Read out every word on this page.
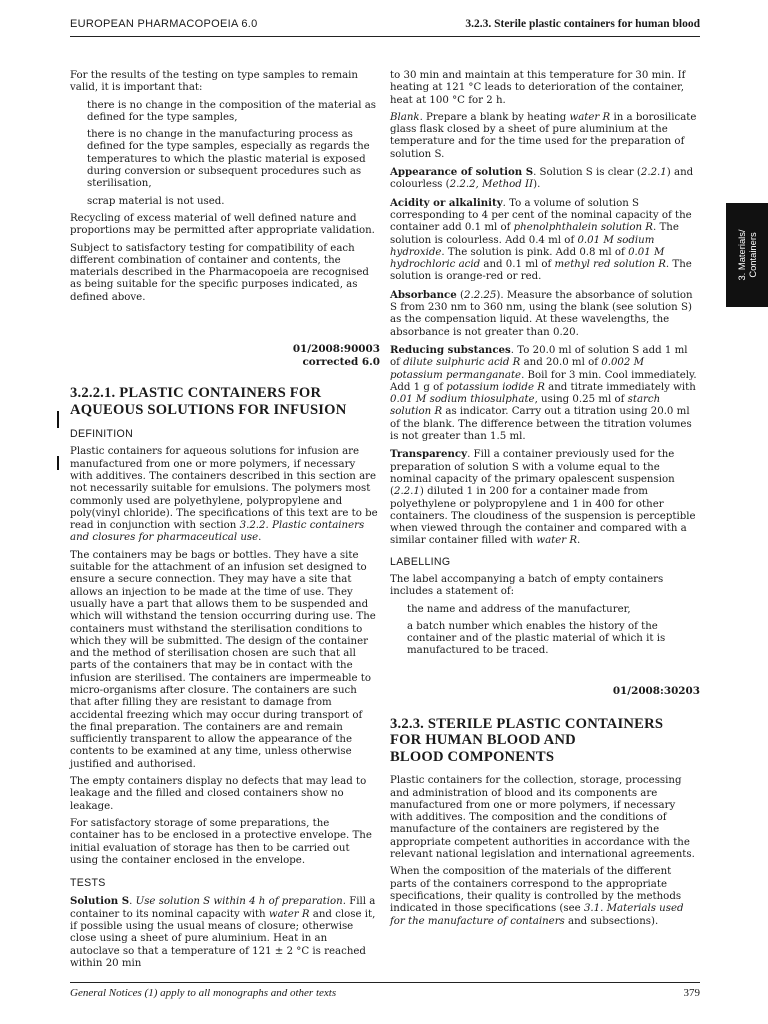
EUROPEAN PHARMACOPOEIA 6.0	3.2.3. Sterile plastic containers for human blood

For the results of the testing on type samples to remain valid, it is important that:

there is no change in the composition of the material as defined for the type samples,

there is no change in the manufacturing process as defined for the type samples, especially as regards the temperatures to which the plastic material is exposed during conversion or subsequent procedures such as sterilisation,

scrap material is not used.

Recycling of excess material of well defined nature and proportions may be permitted after appropriate validation.

Subject to satisfactory testing for compatibility of each different combination of container and contents, the materials described in the Pharmacopoeia are recognised as being suitable for the specific purposes indicated, as defined above.

01/2008:90003
corrected 6.0
3.2.2.1. PLASTIC CONTAINERS FOR
AQUEOUS SOLUTIONS FOR INFUSION
DEFINITION

Plastic containers for aqueous solutions for infusion are manufactured from one or more polymers, if necessary with additives. The containers described in this section are not necessarily suitable for emulsions. The polymers most commonly used are polyethylene, polypropylene and poly(vinyl chloride). The specifications of this text are to be read in conjunction with section 3.2.2. Plastic containers and closures for pharmaceutical use.

The containers may be bags or bottles. They have a site suitable for the attachment of an infusion set designed to ensure a secure connection. They may have a site that allows an injection to be made at the time of use. They usually have a part that allows them to be suspended and which will withstand the tension occurring during use. The containers must withstand the sterilisation conditions to which they will be submitted. The design of the container and the method of sterilisation chosen are such that all parts of the containers that may be in contact with the infusion are sterilised. The containers are impermeable to micro-organisms after closure. The containers are such that after filling they are resistant to damage from accidental freezing which may occur during transport of the final preparation. The containers are and remain sufficiently transparent to allow the appearance of the contents to be examined at any time, unless otherwise justified and authorised.

The empty containers display no defects that may lead to leakage and the filled and closed containers show no leakage.

For satisfactory storage of some preparations, the container has to be enclosed in a protective envelope. The initial evaluation of storage has then to be carried out using the container enclosed in the envelope.

TESTS

Solution S. Use solution S within 4 h of preparation. Fill a container to its nominal capacity with water R and close it, if possible using the usual means of closure; otherwise close using a sheet of pure aluminium. Heat in an autoclave so that a temperature of 121 ± 2 °C is reached within 20 min

to 30 min and maintain at this temperature for 30 min. If heating at 121 °C leads to deterioration of the container, heat at 100 °C for 2 h.

Blank. Prepare a blank by heating water R in a borosilicate glass flask closed by a sheet of pure aluminium at the temperature and for the time used for the preparation of solution S.

Appearance of solution S. Solution S is clear (2.2.1) and colourless (2.2.2, Method II).

Acidity or alkalinity. To a volume of solution S corresponding to 4 per cent of the nominal capacity of the container add 0.1 ml of phenolphthalein solution R. The solution is colourless. Add 0.4 ml of 0.01 M sodium hydroxide. The solution is pink. Add 0.8 ml of 0.01 M hydrochloric acid and 0.1 ml of methyl red solution R. The solution is orange-red or red.

Absorbance (2.2.25). Measure the absorbance of solution S from 230 nm to 360 nm, using the blank (see solution S) as the compensation liquid. At these wavelengths, the absorbance is not greater than 0.20.

Reducing substances. To 20.0 ml of solution S add 1 ml of dilute sulphuric acid R and 20.0 ml of 0.002 M potassium permanganate. Boil for 3 min. Cool immediately. Add 1 g of potassium iodide R and titrate immediately with 0.01 M sodium thiosulphate, using 0.25 ml of starch solution R as indicator. Carry out a titration using 20.0 ml of the blank. The difference between the titration volumes is not greater than 1.5 ml.

Transparency. Fill a container previously used for the preparation of solution S with a volume equal to the nominal capacity of the primary opalescent suspension (2.2.1) diluted 1 in 200 for a container made from polyethylene or polypropylene and 1 in 400 for other containers. The cloudiness of the suspension is perceptible when viewed through the container and compared with a similar container filled with water R.

LABELLING

The label accompanying a batch of empty containers includes a statement of:

the name and address of the manufacturer,

a batch number which enables the history of the container and of the plastic material of which it is manufactured to be traced.

01/2008:30203
3.2.3. STERILE PLASTIC CONTAINERS
FOR HUMAN BLOOD AND
BLOOD COMPONENTS

Plastic containers for the collection, storage, processing and administration of blood and its components are manufactured from one or more polymers, if necessary with additives. The composition and the conditions of manufacture of the containers are registered by the appropriate competent authorities in accordance with the relevant national legislation and international agreements.

When the composition of the materials of the different parts of the containers correspond to the appropriate specifications, their quality is controlled by the methods indicated in those specifications (see 3.1. Materials used for the manufacture of containers and subsections).

3. Materials/ Containers
General Notices (1) apply to all monographs and other texts	379
